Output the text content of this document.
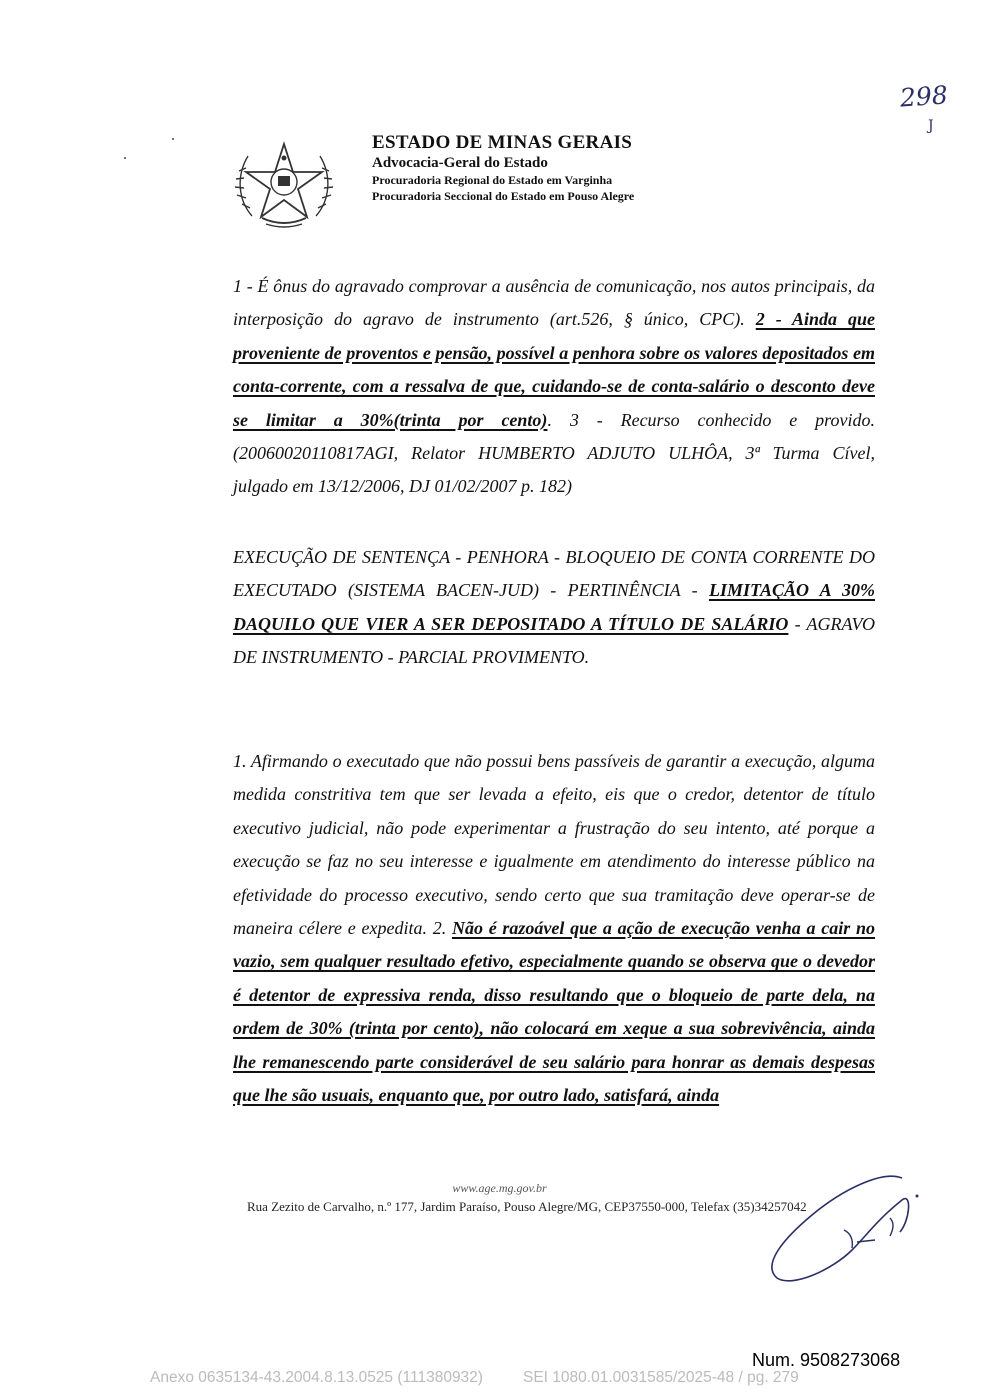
298
J
ESTADO DE MINAS GERAIS
Advocacia-Geral do Estado
Procuradoria Regional do Estado em Varginha
Procuradoria Seccional do Estado em Pouso Alegre
1 - É ônus do agravado comprovar a ausência de comunicação, nos autos principais, da interposição do agravo de instrumento (art.526, § único, CPC). 2 - Ainda que proveniente de proventos e pensão, possível a penhora sobre os valores depositados em conta-corrente, com a ressalva de que, cuidando-se de conta-salário o desconto deve se limitar a 30%(trinta por cento). 3 - Recurso conhecido e provido. (20060020110817AGI, Relator HUMBERTO ADJUTO ULHÔA, 3ª Turma Cível, julgado em 13/12/2006, DJ 01/02/2007 p. 182)
EXECUÇÃO DE SENTENÇA - PENHORA - BLOQUEIO DE CONTA CORRENTE DO EXECUTADO (SISTEMA BACEN-JUD) - PERTINÊNCIA - LIMITAÇÃO A 30% DAQUILO QUE VIER A SER DEPOSITADO A TÍTULO DE SALÁRIO - AGRAVO DE INSTRUMENTO - PARCIAL PROVIMENTO.
1. Afirmando o executado que não possui bens passíveis de garantir a execução, alguma medida constritiva tem que ser levada a efeito, eis que o credor, detentor de título executivo judicial, não pode experimentar a frustração do seu intento, até porque a execução se faz no seu interesse e igualmente em atendimento do interesse público na efetividade do processo executivo, sendo certo que sua tramitação deve operar-se de maneira célere e expedita. 2. Não é razoável que a ação de execução venha a cair no vazio, sem qualquer resultado efetivo, especialmente quando se observa que o devedor é detentor de expressiva renda, disso resultando que o bloqueio de parte dela, na ordem de 30% (trinta por cento), não colocará em xeque a sua sobrevivência, ainda lhe remanescendo parte considerável de seu salário para honrar as demais despesas que lhe são usuais, enquanto que, por outro lado, satisfará, ainda
www.age.mg.gov.br
Rua Zezito de Carvalho, n.º 177, Jardim Paraíso, Pouso Alegre/MG, CEP37550-000, Telefax (35)34257042
Num. 9508273068
Anexo 0635134-43.2004.8.13.0525 (111380932)	SEI 1080.01.0031585/2025-48 / pg. 279
